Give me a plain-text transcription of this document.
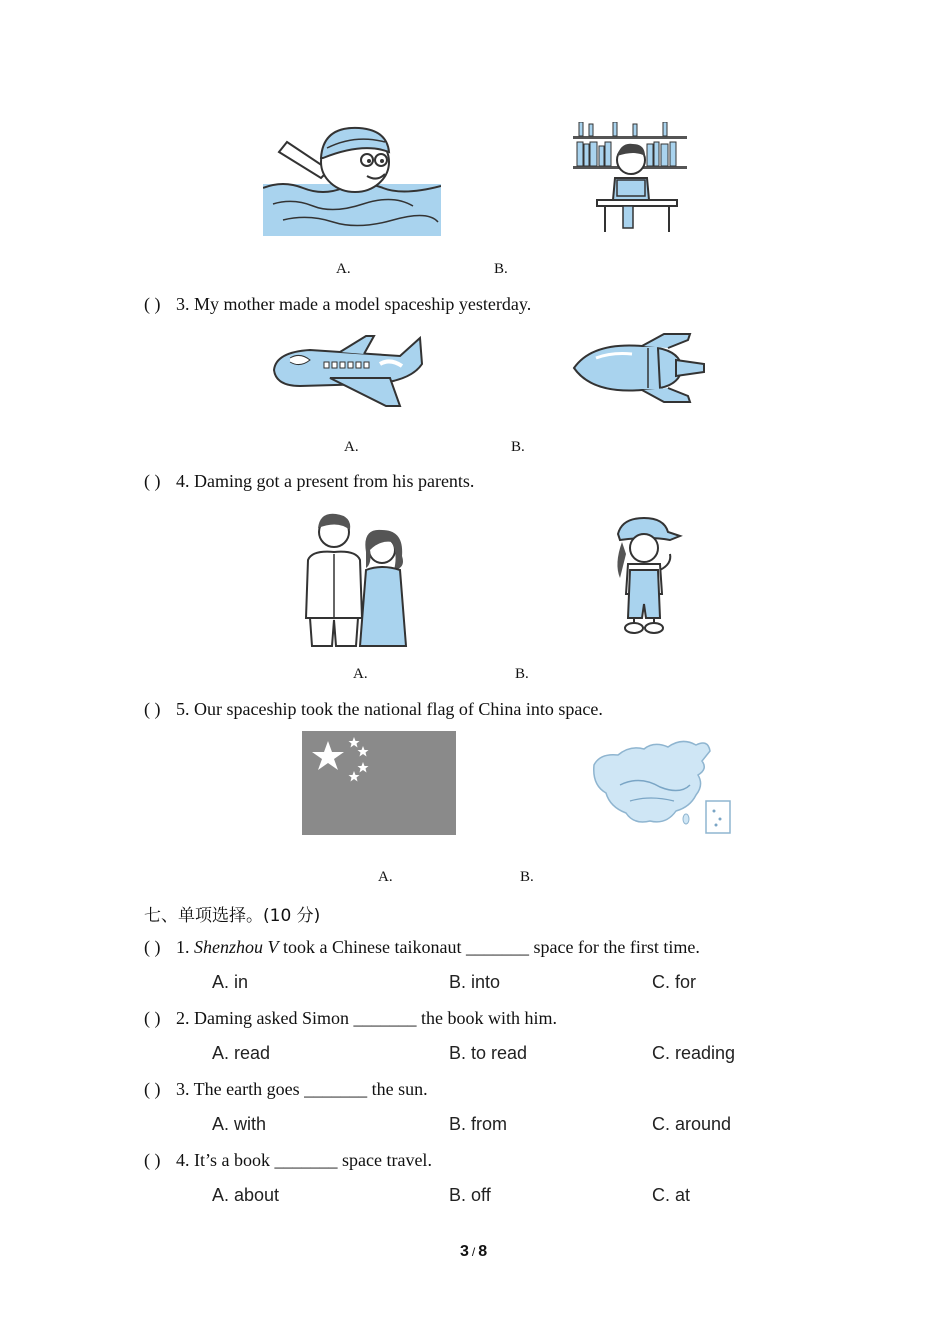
A.	B.
( ) 3. My mother made a model spaceship yesterday.
A.	B.
( ) 4. Daming got a present from his parents.
A.	B.
( ) 5. Our spaceship took the national flag of China into space.
A.	B.
七、单项选择。(10 分)
( ) 1. Shenzhou V took a Chinese taikonaut _______ space for the first time.
A. in	B. into	C. for
( ) 2. Daming asked Simon _______ the book with him.
A. read	B. to read	C. reading
( ) 3. The earth goes _______ the sun.
A. with	B. from	C. around
( ) 4. It’s a book _______ space travel.
A. about	B. off	C. at
3 / 8
